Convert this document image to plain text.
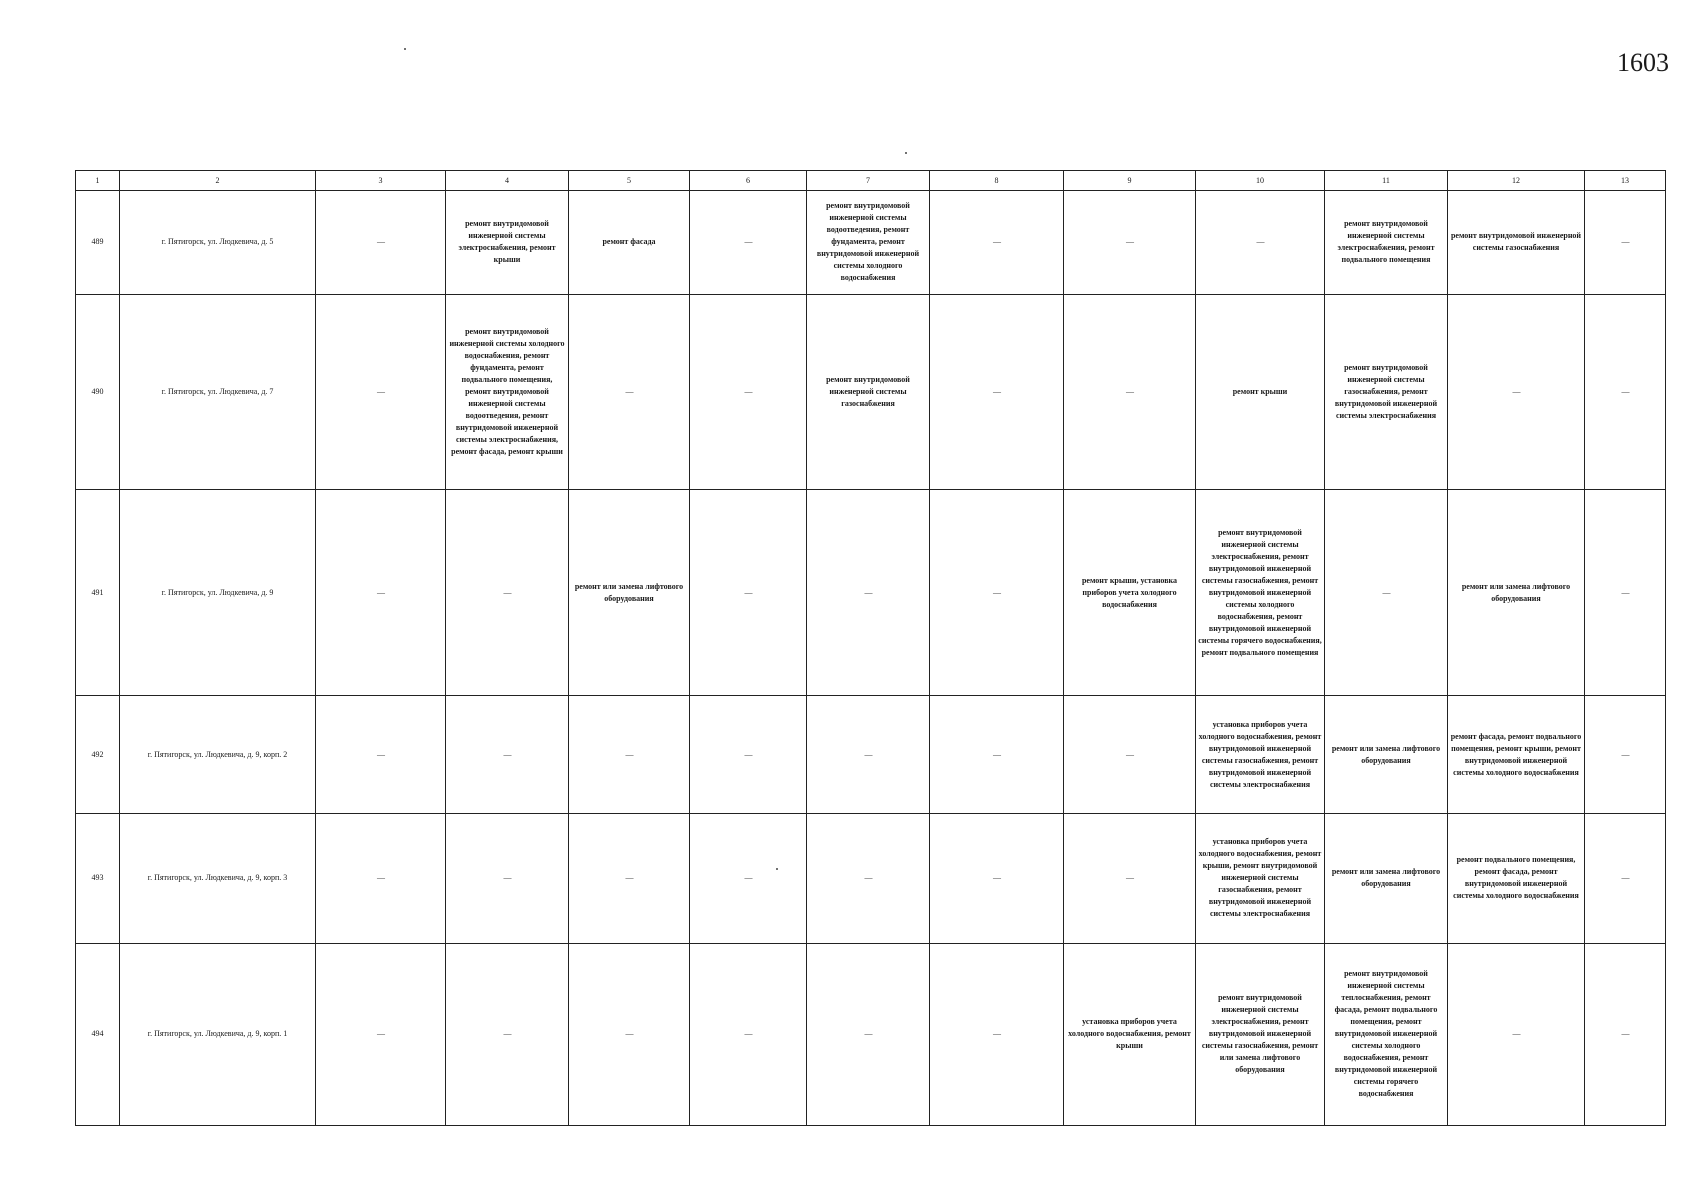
1603
1	2	3	4	5	6	7	8	9	10	11	12	13
489	г. Пятигорск, ул. Людкевича, д. 5	—	ремонт внутридомовой инженерной системы электроснабжения, ремонт крыши	ремонт фасада	—	ремонт внутридомовой инженерной системы водоотведения, ремонт фундамента, ремонт внутридомовой инженерной системы холодного водоснабжения	—	—	—	ремонт внутридомовой инженерной системы электроснабжения, ремонт подвального помещения	ремонт внутридомовой инженерной системы газоснабжения	—
490	г. Пятигорск, ул. Людкевича, д. 7	—	ремонт внутридомовой инженерной системы холодного водоснабжения, ремонт фундамента, ремонт подвального помещения, ремонт внутридомовой инженерной системы водоотведения, ремонт внутридомовой инженерной системы электроснабжения, ремонт фасада, ремонт крыши	—	—	ремонт внутридомовой инженерной системы газоснабжения	—	—	ремонт крыши	ремонт внутридомовой инженерной системы газоснабжения, ремонт внутридомовой инженерной системы электроснабжения	—	—
491	г. Пятигорск, ул. Людкевича, д. 9	—	—	ремонт или замена лифтового оборудования	—	—	—	ремонт крыши, установка приборов учета холодного водоснабжения	ремонт внутридомовой инженерной системы электроснабжения, ремонт внутридомовой инженерной системы газоснабжения, ремонт внутридомовой инженерной системы холодного водоснабжения, ремонт внутридомовой инженерной системы горячего водоснабжения, ремонт подвального помещения	—	ремонт или замена лифтового оборудования	—
492	г. Пятигорск, ул. Людкевича, д. 9, корп. 2	—	—	—	—	—	—	—	установка приборов учета холодного водоснабжения, ремонт внутридомовой инженерной системы газоснабжения, ремонт внутридомовой инженерной системы электроснабжения	ремонт или замена лифтового оборудования	ремонт фасада, ремонт подвального помещения, ремонт крыши, ремонт внутридомовой инженерной системы холодного водоснабжения	—
493	г. Пятигорск, ул. Людкевича, д. 9, корп. 3	—	—	—	—	—	—	—	установка приборов учета холодного водоснабжения, ремонт крыши, ремонт внутридомовой инженерной системы газоснабжения, ремонт внутридомовой инженерной системы электроснабжения	ремонт или замена лифтового оборудования	ремонт подвального помещения, ремонт фасада, ремонт внутридомовой инженерной системы холодного водоснабжения	—
494	г. Пятигорск, ул. Людкевича, д. 9, корп. 1	—	—	—	—	—	—	установка приборов учета холодного водоснабжения, ремонт крыши	ремонт внутридомовой инженерной системы электроснабжения, ремонт внутридомовой инженерной системы газоснабжения, ремонт или замена лифтового оборудования	ремонт внутридомовой инженерной системы теплоснабжения, ремонт фасада, ремонт подвального помещения, ремонт внутридомовой инженерной системы холодного водоснабжения, ремонт внутридомовой инженерной системы горячего водоснабжения	—	—
